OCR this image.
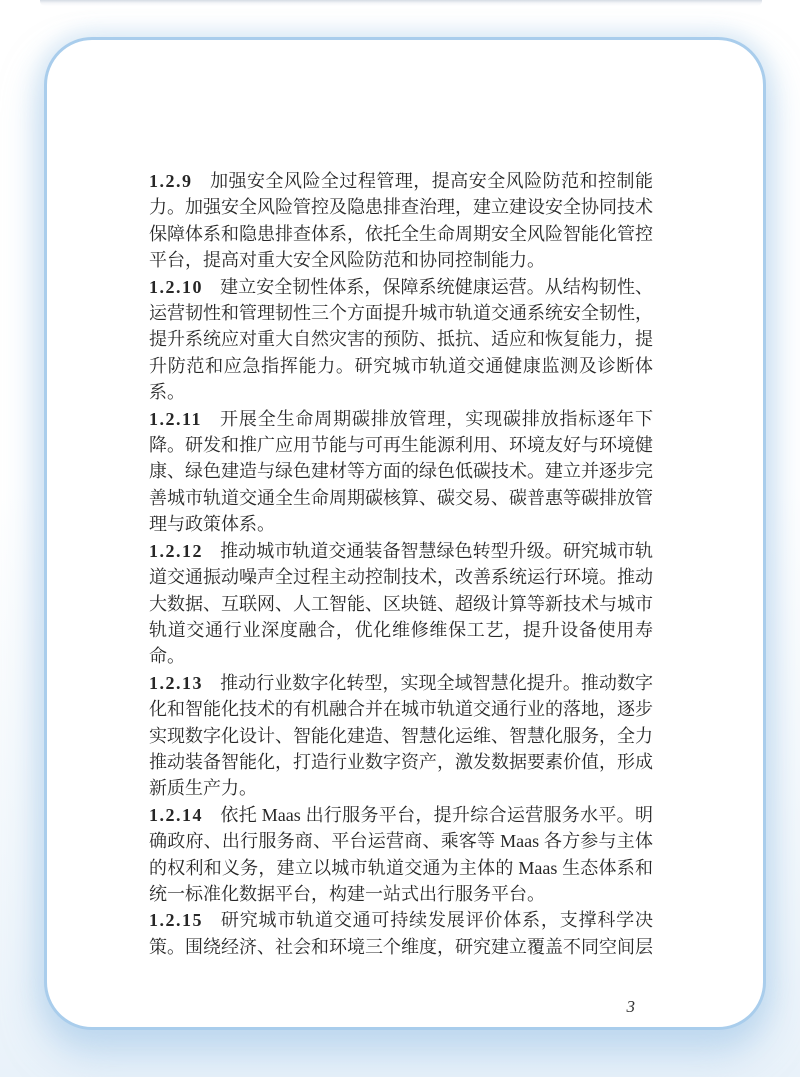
1.2.9 加强安全风险全过程管理，提高安全风险防范和控制能力。加强安全风险管控及隐患排查治理，建立建设安全协同技术保障体系和隐患排查体系，依托全生命周期安全风险智能化管控平台，提高对重大安全风险防范和协同控制能力。

1.2.10 建立安全韧性体系，保障系统健康运营。从结构韧性、运营韧性和管理韧性三个方面提升城市轨道交通系统安全韧性，提升系统应对重大自然灾害的预防、抵抗、适应和恢复能力，提升防范和应急指挥能力。研究城市轨道交通健康监测及诊断体系。

1.2.11 开展全生命周期碳排放管理，实现碳排放指标逐年下降。研发和推广应用节能与可再生能源利用、环境友好与环境健康、绿色建造与绿色建材等方面的绿色低碳技术。建立并逐步完善城市轨道交通全生命周期碳核算、碳交易、碳普惠等碳排放管理与政策体系。

1.2.12 推动城市轨道交通装备智慧绿色转型升级。研究城市轨道交通振动噪声全过程主动控制技术，改善系统运行环境。推动大数据、互联网、人工智能、区块链、超级计算等新技术与城市轨道交通行业深度融合，优化维修维保工艺，提升设备使用寿命。

1.2.13 推动行业数字化转型，实现全域智慧化提升。推动数字化和智能化技术的有机融合并在城市轨道交通行业的落地，逐步实现数字化设计、智能化建造、智慧化运维、智慧化服务，全力推动装备智能化，打造行业数字资产，激发数据要素价值，形成新质生产力。

1.2.14 依托 Maas 出行服务平台，提升综合运营服务水平。明确政府、出行服务商、平台运营商、乘客等 Maas 各方参与主体的权利和义务，建立以城市轨道交通为主体的 Maas 生态体系和统一标准化数据平台，构建一站式出行服务平台。

1.2.15 研究城市轨道交通可持续发展评价体系，支撑科学决策。围绕经济、社会和环境三个维度，研究建立覆盖不同空间层

3
